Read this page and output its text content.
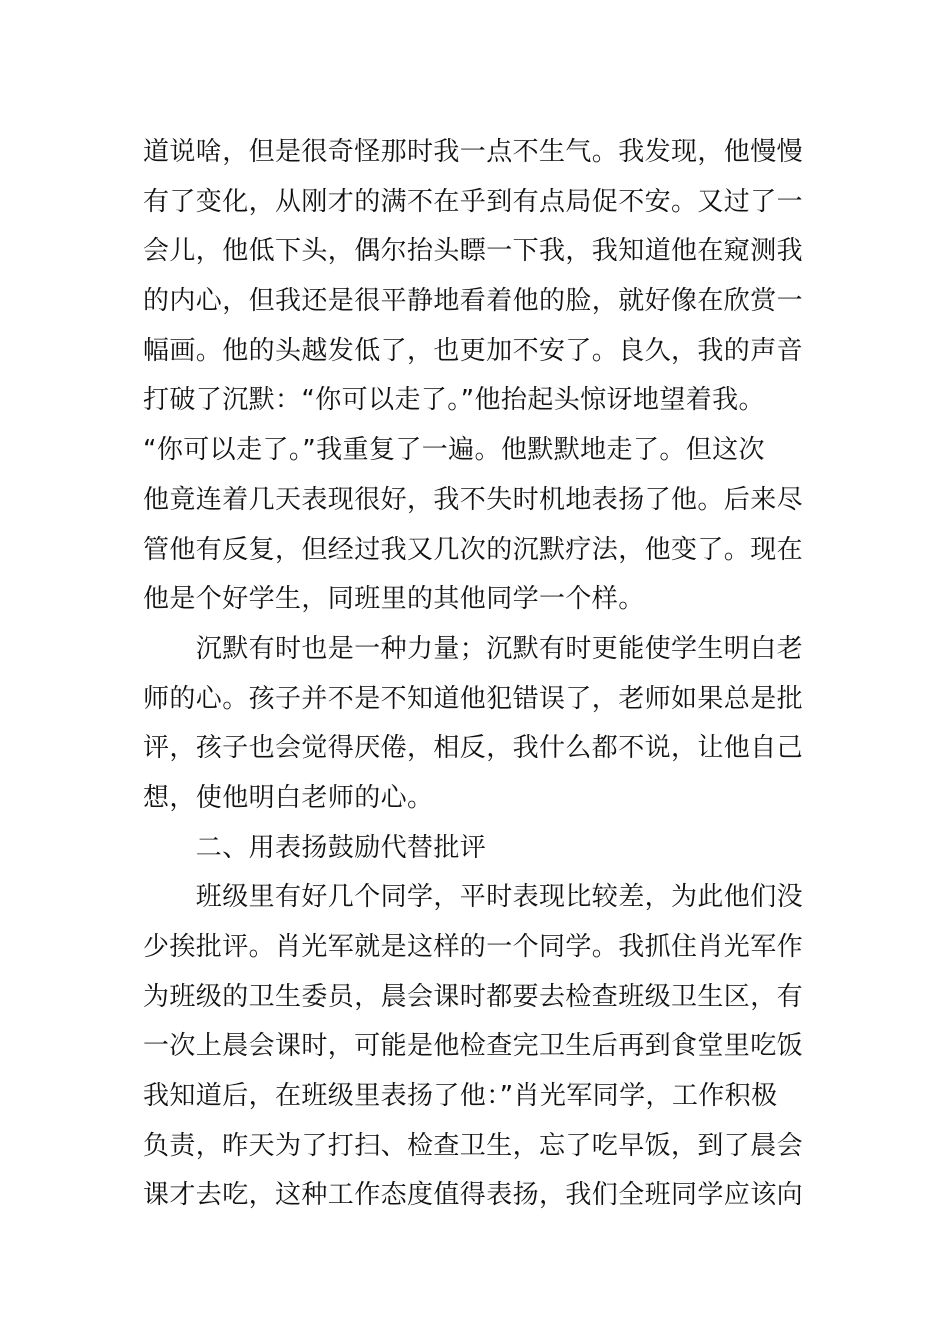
道说啥，但是很奇怪那时我一点不生气。我发现，他慢慢
有了变化，从刚才的满不在乎到有点局促不安。又过了一
会儿，他低下头，偶尔抬头瞟一下我，我知道他在窥测我
的内心，但我还是很平静地看着他的脸，就好像在欣赏一
幅画。他的头越发低了，也更加不安了。良久，我的声音
打破了沉默：“你可以走了。”他抬起头惊讶地望着我。
“你可以走了。”我重复了一遍。他默默地走了。但这次
他竟连着几天表现很好，我不失时机地表扬了他。后来尽
管他有反复，但经过我又几次的沉默疗法，他变了。现在
他是个好学生，同班里的其他同学一个样。
　　沉默有时也是一种力量；沉默有时更能使学生明白老
师的心。孩子并不是不知道他犯错误了，老师如果总是批
评，孩子也会觉得厌倦，相反，我什么都不说，让他自己
想，使他明白老师的心。
　　二、用表扬鼓励代替批评
　　班级里有好几个同学，平时表现比较差，为此他们没
少挨批评。肖光军就是这样的一个同学。我抓住肖光军作
为班级的卫生委员，晨会课时都要去检查班级卫生区，有
一次上晨会课时，可能是他检查完卫生后再到食堂里吃饭
我知道后，在班级里表扬了他：”肖光军同学，工作积极
负责，昨天为了打扫、检查卫生，忘了吃早饭，到了晨会
课才去吃，这种工作态度值得表扬，我们全班同学应该向
